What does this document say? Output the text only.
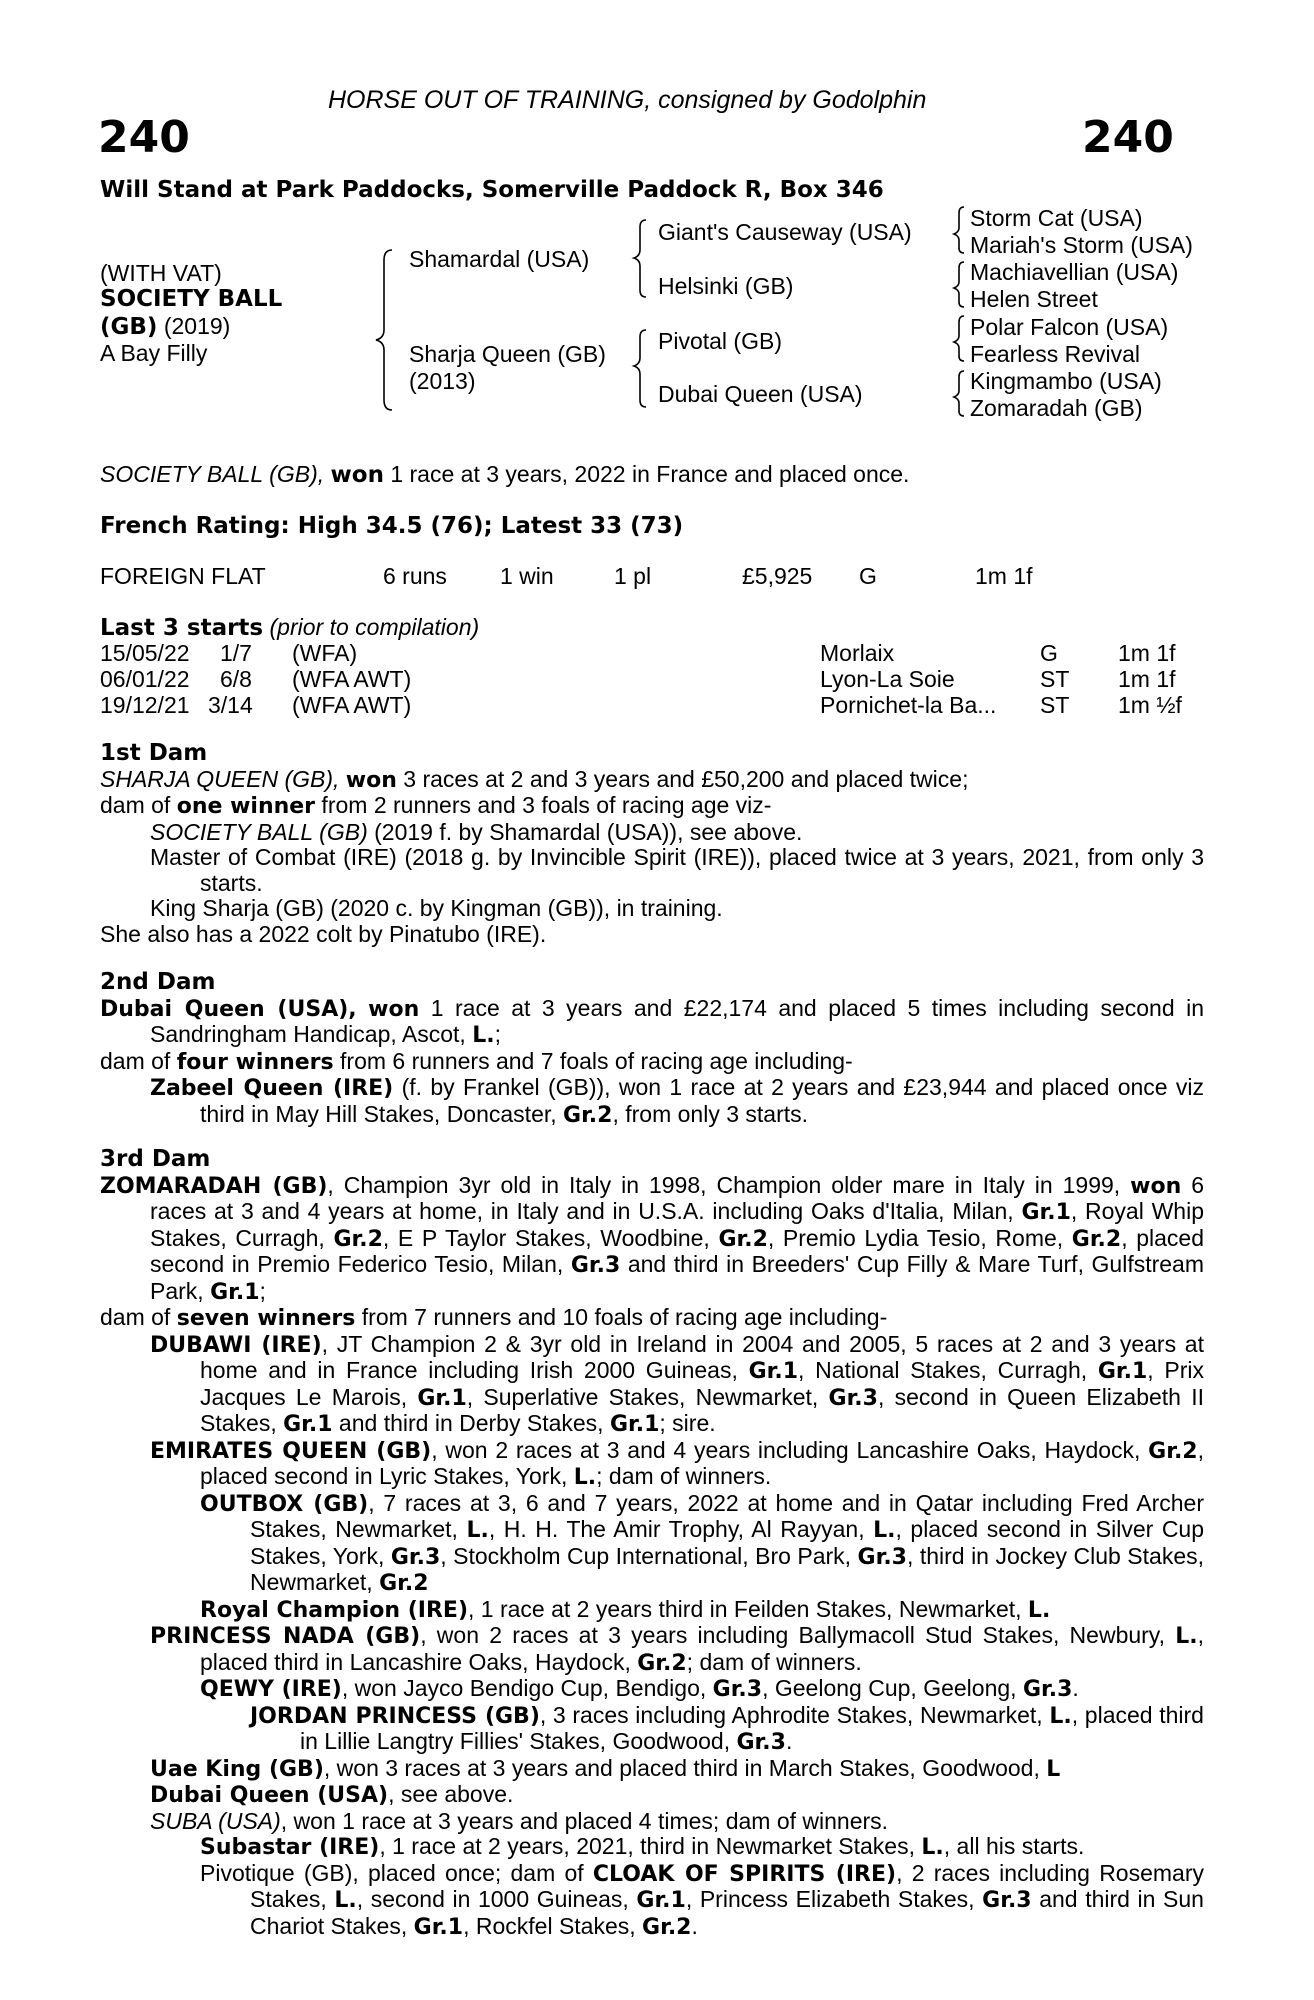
HORSE OUT OF TRAINING, consigned by Godolphin
240	240
Will Stand at Park Paddocks, Somerville Paddock R, Box 346
(WITH VAT)
SOCIETY BALL
(GB) (2019)
A Bay Filly
Shamardal (USA)
Sharja Queen (GB)
(2013)
Giant's Causeway (USA)
Helsinki (GB)
Pivotal (GB)
Dubai Queen (USA)
Storm Cat (USA)
Mariah's Storm (USA)
Machiavellian (USA)
Helen Street
Polar Falcon (USA)
Fearless Revival
Kingmambo (USA)
Zomaradah (GB)
SOCIETY BALL (GB), won 1 race at 3 years, 2022 in France and placed once.
French Rating: High 34.5 (76); Latest 33 (73)
FOREIGN FLAT	6 runs 1 win	1 pl	£5,925 G	1m 1f
Last 3 starts (prior to compilation)
15/05/22 1/7 (WFA)	Morlaix	G	1m 1f
06/01/22 6/8 (WFA AWT)	Lyon-La Soie	ST 1m 1f
19/12/21 3/14 (WFA AWT)	Pornichet-la Ba... ST 1m ½f

1st Dam

SHARJA QUEEN (GB), won 3 races at 2 and 3 years and £50,200 and placed twice;

dam of one winner from 2 runners and 3 foals of racing age viz-

SOCIETY BALL (GB) (2019 f. by Shamardal (USA)), see above.

Master of Combat (IRE) (2018 g. by Invincible Spirit (IRE)), placed twice at 3 years, 2021, from only 3 starts.

King Sharja (GB) (2020 c. by Kingman (GB)), in training.

She also has a 2022 colt by Pinatubo (IRE).

2nd Dam

Dubai Queen (USA), won 1 race at 3 years and £22,174 and placed 5 times including second in Sandringham Handicap, Ascot, L.;

dam of four winners from 6 runners and 7 foals of racing age including-

Zabeel Queen (IRE) (f. by Frankel (GB)), won 1 race at 2 years and £23,944 and placed once viz third in May Hill Stakes, Doncaster, Gr.2, from only 3 starts.

3rd Dam

ZOMARADAH (GB), Champion 3yr old in Italy in 1998, Champion older mare in Italy in 1999, won 6 races at 3 and 4 years at home, in Italy and in U.S.A. including Oaks d'Italia, Milan, Gr.1, Royal Whip Stakes, Curragh, Gr.2, E P Taylor Stakes, Woodbine, Gr.2, Premio Lydia Tesio, Rome, Gr.2, placed second in Premio Federico Tesio, Milan, Gr.3 and third in Breeders' Cup Filly & Mare Turf, Gulfstream Park, Gr.1;

dam of seven winners from 7 runners and 10 foals of racing age including-

DUBAWI (IRE), JT Champion 2 & 3yr old in Ireland in 2004 and 2005, 5 races at 2 and 3 years at home and in France including Irish 2000 Guineas, Gr.1, National Stakes, Curragh, Gr.1, Prix Jacques Le Marois, Gr.1, Superlative Stakes, Newmarket, Gr.3, second in Queen Elizabeth II Stakes, Gr.1 and third in Derby Stakes, Gr.1; sire.

EMIRATES QUEEN (GB), won 2 races at 3 and 4 years including Lancashire Oaks, Haydock, Gr.2, placed second in Lyric Stakes, York, L.; dam of winners.

OUTBOX (GB), 7 races at 3, 6 and 7 years, 2022 at home and in Qatar including Fred Archer Stakes, Newmarket, L., H. H. The Amir Trophy, Al Rayyan, L., placed second in Silver Cup Stakes, York, Gr.3, Stockholm Cup International, Bro Park, Gr.3, third in Jockey Club Stakes, Newmarket, Gr.2

Royal Champion (IRE), 1 race at 2 years third in Feilden Stakes, Newmarket, L.

PRINCESS NADA (GB), won 2 races at 3 years including Ballymacoll Stud Stakes, Newbury, L., placed third in Lancashire Oaks, Haydock, Gr.2; dam of winners.

QEWY (IRE), won Jayco Bendigo Cup, Bendigo, Gr.3, Geelong Cup, Geelong, Gr.3.

JORDAN PRINCESS (GB), 3 races including Aphrodite Stakes, Newmarket, L., placed third in Lillie Langtry Fillies' Stakes, Goodwood, Gr.3.

Uae King (GB), won 3 races at 3 years and placed third in March Stakes, Goodwood, L

Dubai Queen (USA), see above.

SUBA (USA), won 1 race at 3 years and placed 4 times; dam of winners.

Subastar (IRE), 1 race at 2 years, 2021, third in Newmarket Stakes, L., all his starts.

Pivotique (GB), placed once; dam of CLOAK OF SPIRITS (IRE), 2 races including Rosemary Stakes, L., second in 1000 Guineas, Gr.1, Princess Elizabeth Stakes, Gr.3 and third in Sun Chariot Stakes, Gr.1, Rockfel Stakes, Gr.2.
